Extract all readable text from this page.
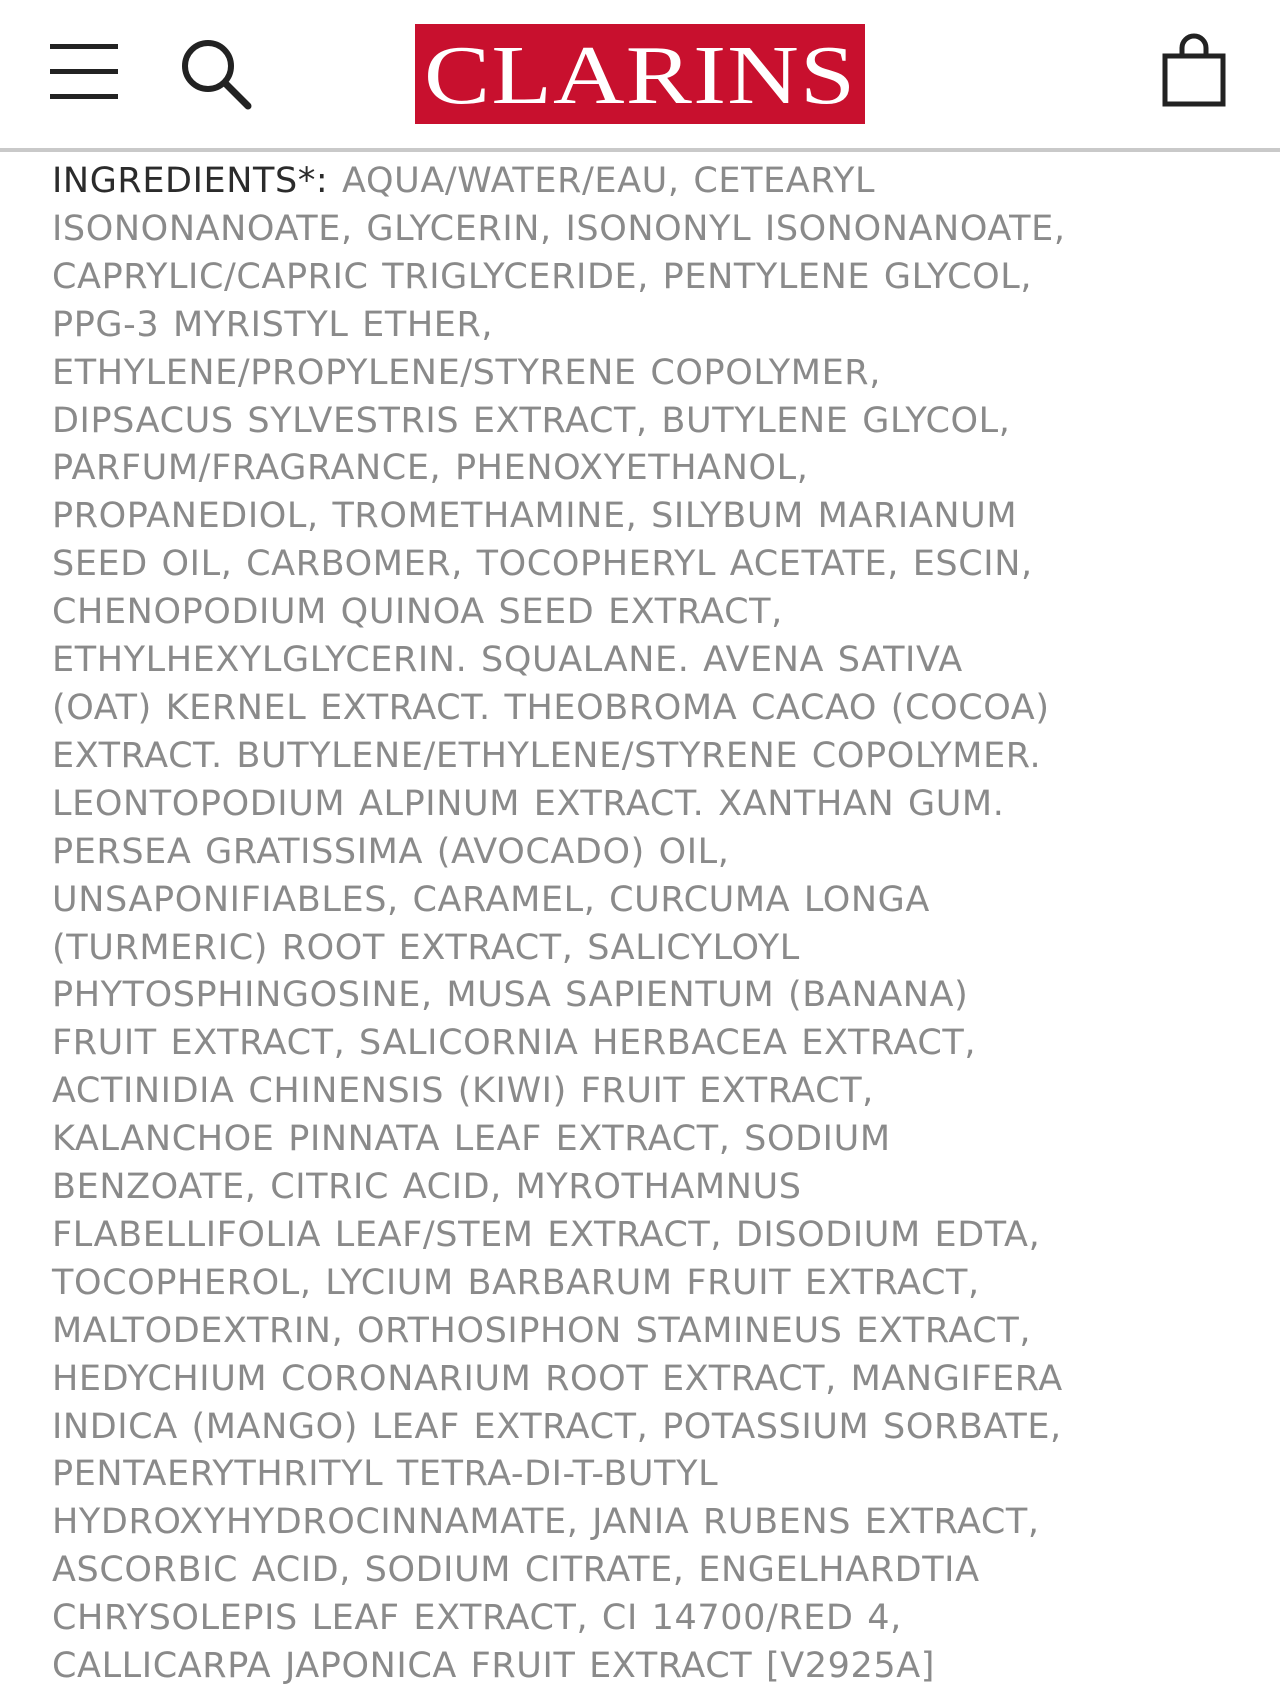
CLARINS

INGREDIENTS*: AQUA/WATER/EAU, CETEARYL
ISONONANOATE, GLYCERIN, ISONONYL ISONONANOATE,
CAPRYLIC/CAPRIC TRIGLYCERIDE, PENTYLENE GLYCOL,
PPG-3 MYRISTYL ETHER,
ETHYLENE/PROPYLENE/STYRENE COPOLYMER,
DIPSACUS SYLVESTRIS EXTRACT, BUTYLENE GLYCOL,
PARFUM/FRAGRANCE, PHENOXYETHANOL,
PROPANEDIOL, TROMETHAMINE, SILYBUM MARIANUM
SEED OIL, CARBOMER, TOCOPHERYL ACETATE, ESCIN,
CHENOPODIUM QUINOA SEED EXTRACT,
ETHYLHEXYLGLYCERIN. SQUALANE. AVENA SATIVA
(OAT) KERNEL EXTRACT. THEOBROMA CACAO (COCOA)
EXTRACT. BUTYLENE/ETHYLENE/STYRENE COPOLYMER.
LEONTOPODIUM ALPINUM EXTRACT. XANTHAN GUM.
PERSEA GRATISSIMA (AVOCADO) OIL,
UNSAPONIFIABLES, CARAMEL, CURCUMA LONGA
(TURMERIC) ROOT EXTRACT, SALICYLOYL
PHYTOSPHINGOSINE, MUSA SAPIENTUM (BANANA)
FRUIT EXTRACT, SALICORNIA HERBACEA EXTRACT,
ACTINIDIA CHINENSIS (KIWI) FRUIT EXTRACT,
KALANCHOE PINNATA LEAF EXTRACT, SODIUM
BENZOATE, CITRIC ACID, MYROTHAMNUS
FLABELLIFOLIA LEAF/STEM EXTRACT, DISODIUM EDTA,
TOCOPHEROL, LYCIUM BARBARUM FRUIT EXTRACT,
MALTODEXTRIN, ORTHOSIPHON STAMINEUS EXTRACT,
HEDYCHIUM CORONARIUM ROOT EXTRACT, MANGIFERA
INDICA (MANGO) LEAF EXTRACT, POTASSIUM SORBATE,
PENTAERYTHRITYL TETRA-DI-T-BUTYL
HYDROXYHYDROCINNAMATE, JANIA RUBENS EXTRACT,
ASCORBIC ACID, SODIUM CITRATE, ENGELHARDTIA
CHRYSOLEPIS LEAF EXTRACT, CI 14700/RED 4,
CALLICARPA JAPONICA FRUIT EXTRACT [V2925A]
